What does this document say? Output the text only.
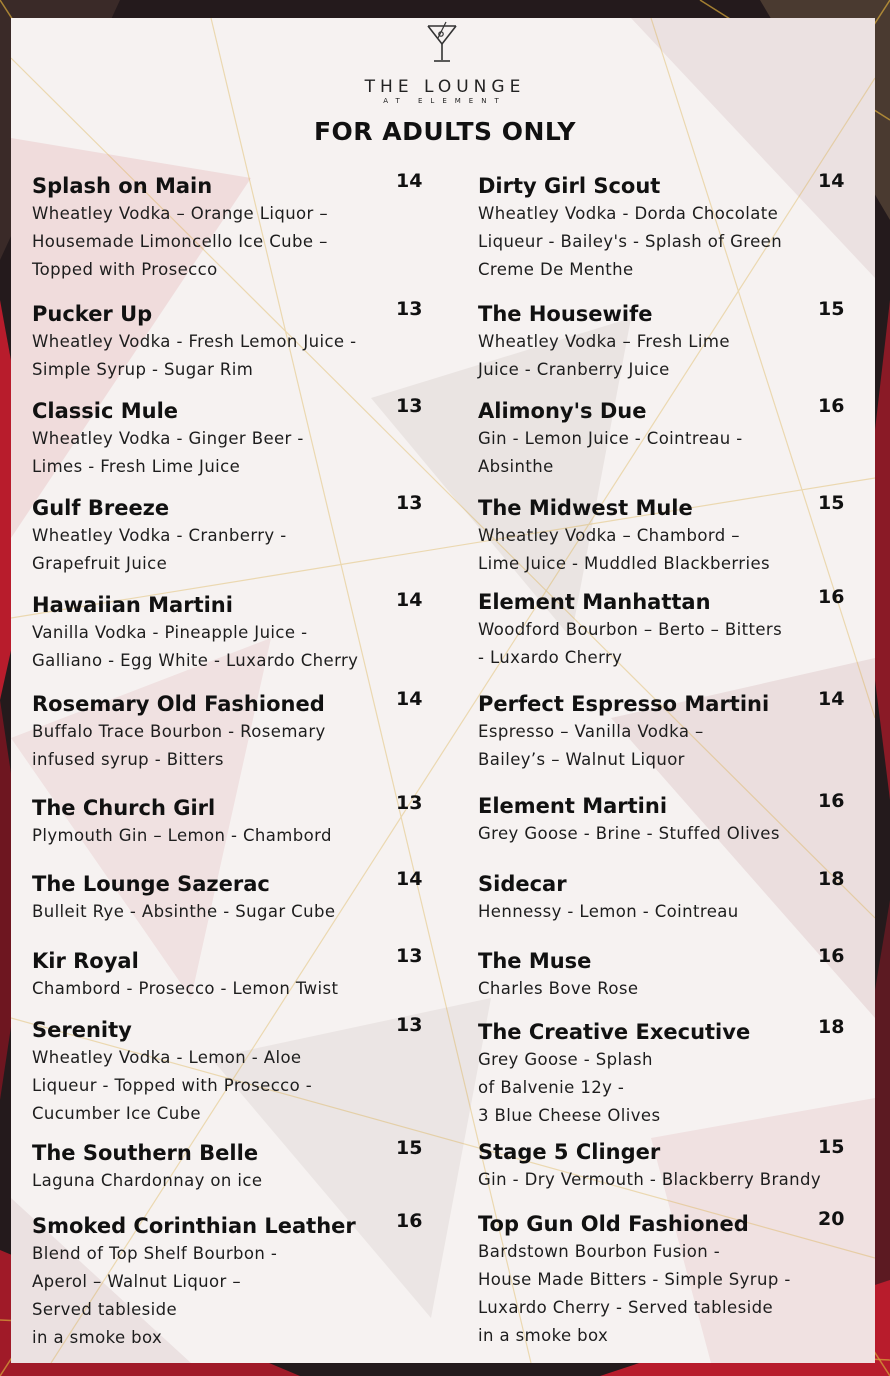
THE LOUNGE
AT ELEMENT
FOR ADULTS ONLY
Splash on Main	14
Wheatley Vodka – Orange Liquor –
Housemade Limoncello Ice Cube –
Topped with Prosecco
Pucker Up	13
Wheatley Vodka - Fresh Lemon Juice -
Simple Syrup - Sugar Rim
Classic Mule	13
Wheatley Vodka - Ginger Beer -
Limes - Fresh Lime Juice
Gulf Breeze	13
Wheatley Vodka - Cranberry -
Grapefruit Juice
Hawaiian Martini	14
Vanilla Vodka - Pineapple Juice -
Galliano - Egg White - Luxardo Cherry
Rosemary Old Fashioned	14
Buffalo Trace Bourbon - Rosemary
infused syrup - Bitters
The Church Girl	13
Plymouth Gin – Lemon - Chambord
The Lounge Sazerac	14
Bulleit Rye - Absinthe - Sugar Cube
Kir Royal	13
Chambord - Prosecco - Lemon Twist
Serenity	13
Wheatley Vodka - Lemon - Aloe
Liqueur - Topped with Prosecco -
Cucumber Ice Cube
The Southern Belle	15
Laguna Chardonnay on ice
Smoked Corinthian Leather	16
Blend of Top Shelf Bourbon -
Aperol – Walnut Liquor –
Served tableside
in a smoke box
Dirty Girl Scout	14
Wheatley Vodka - Dorda Chocolate
Liqueur - Bailey's - Splash of Green
Creme De Menthe
The Housewife	15
Wheatley Vodka – Fresh Lime
Juice - Cranberry Juice
Alimony's Due	16
Gin - Lemon Juice - Cointreau -
Absinthe
The Midwest Mule	15
Wheatley Vodka – Chambord –
Lime Juice - Muddled Blackberries
Element Manhattan	16
Woodford Bourbon – Berto – Bitters
- Luxardo Cherry
Perfect Espresso Martini	14
Espresso – Vanilla Vodka –
Bailey’s – Walnut Liquor
Element Martini	16
Grey Goose - Brine - Stuffed Olives
Sidecar	18
Hennessy - Lemon - Cointreau
The Muse	16
Charles Bove Rose
The Creative Executive	18
Grey Goose - Splash
of Balvenie 12y -
3 Blue Cheese Olives
Stage 5 Clinger	15
Gin - Dry Vermouth - Blackberry Brandy
Top Gun Old Fashioned	20
Bardstown Bourbon Fusion -
House Made Bitters - Simple Syrup -
Luxardo Cherry - Served tableside
in a smoke box
